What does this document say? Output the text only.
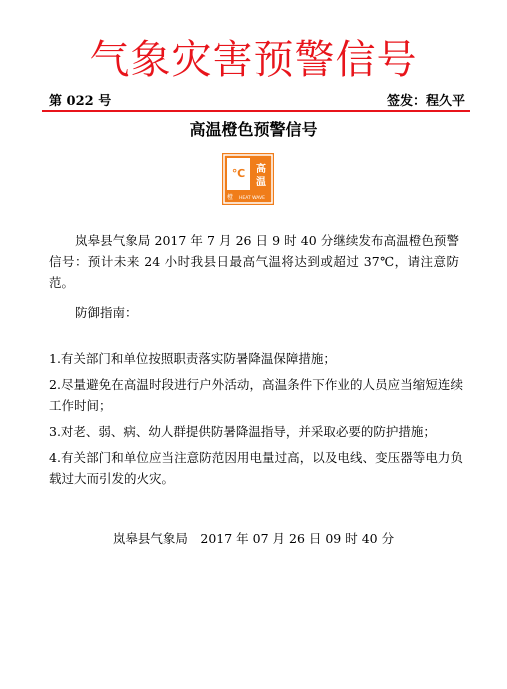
气象灾害预警信号
第 022 号	签发：程久平
高温橙色预警信号
℃ 高
温
橙 HEAT WAVE
岚皋县气象局 2017 年 7 月 26 日 9 时 40 分继续发布高温橙色预警信号：预计未来 24 小时我县日最高气温将达到或超过 37℃，请注意防范。
防御指南：
1.有关部门和单位按照职责落实防暑降温保障措施；
2.尽量避免在高温时段进行户外活动，高温条件下作业的人员应当缩短连续工作时间；
3.对老、弱、病、幼人群提供防暑降温指导，并采取必要的防护措施；
4.有关部门和单位应当注意防范因用电量过高，以及电线、变压器等电力负载过大而引发的火灾。
岚皋县气象局　2017 年 07 月 26 日 09 时 40 分
